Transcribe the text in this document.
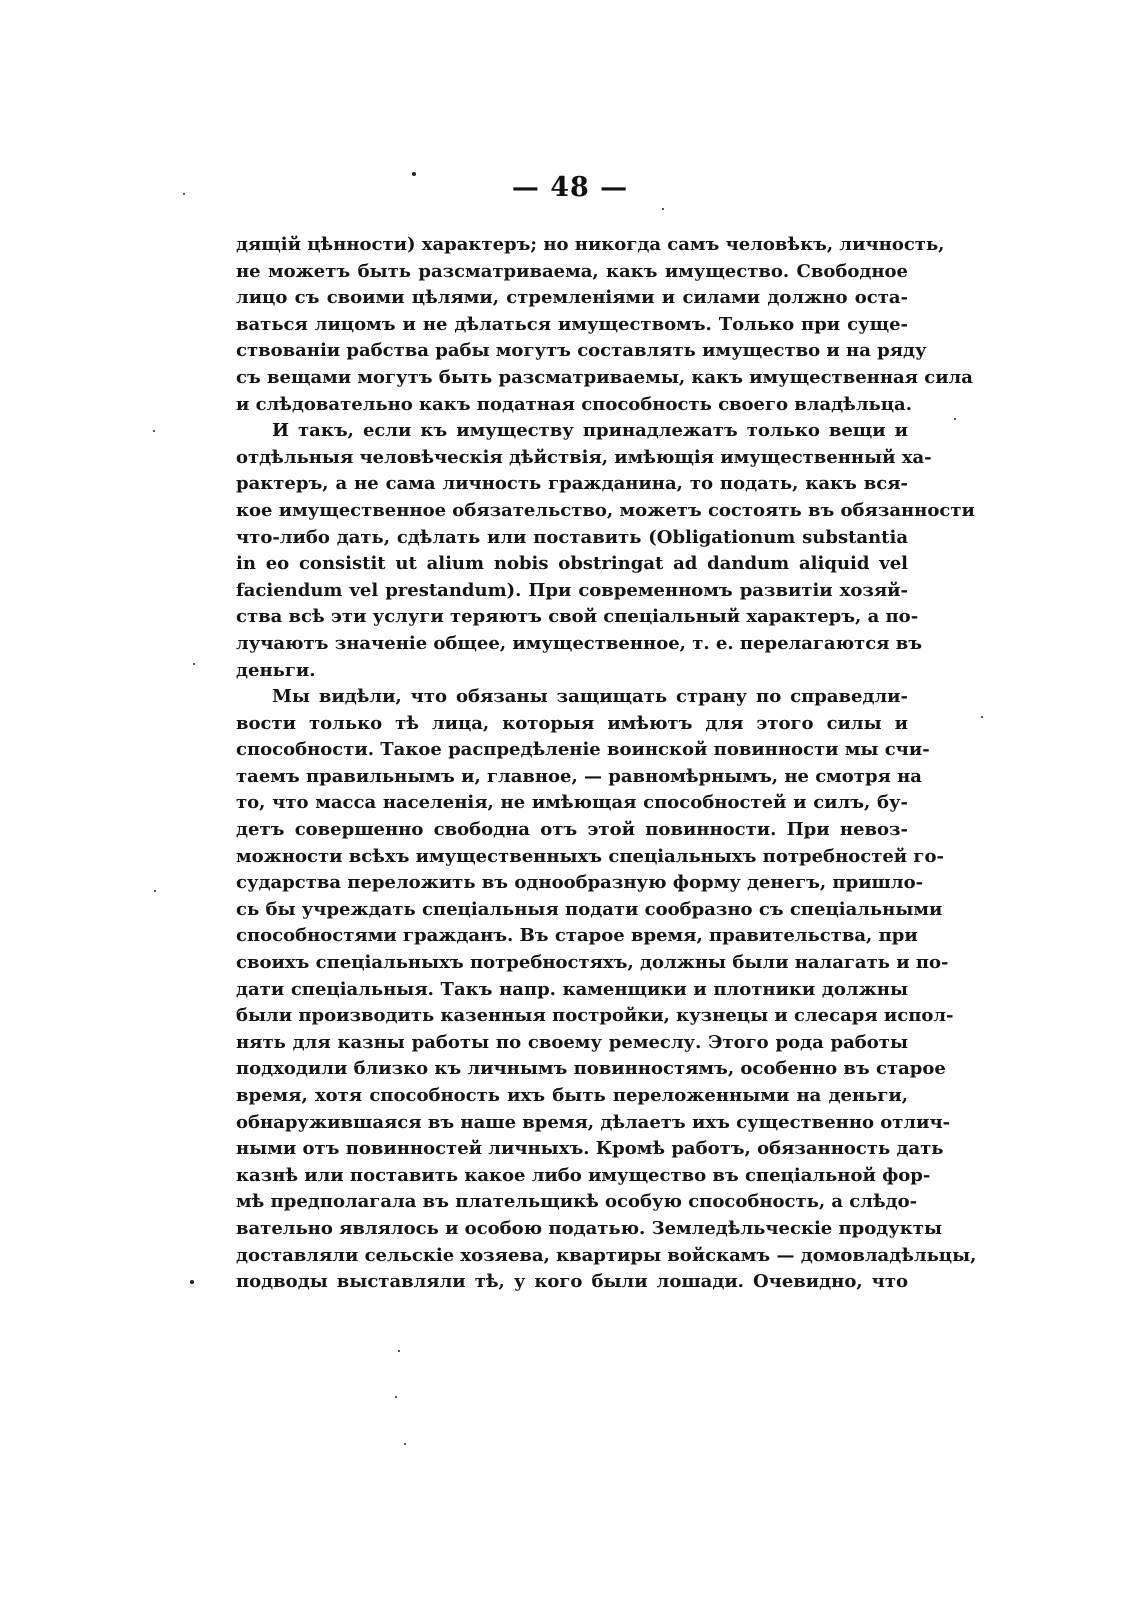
— 48 —
дящій цѣнности) характеръ; но никогда самъ человѣкъ, личность,
не можетъ быть разсматриваема, какъ имущество. Свободное
лицо съ своими цѣлями, стремленіями и силами должно оста-
ваться лицомъ и не дѣлаться имуществомъ. Только при суще-
ствованіи рабства рабы могутъ составлять имущество и на ряду
съ вещами могутъ быть разсматриваемы, какъ имущественная сила
и слѣдовательно какъ податная способность своего владѣльца.
И такъ, если къ имуществу принадлежатъ только вещи и
отдѣльныя человѣческія дѣйствія, имѣющія имущественный ха-
рактеръ, а не сама личность гражданина, то подать, какъ вся-
кое имущественное обязательство, можетъ состоять въ обязанности
что-либо дать, сдѣлать или поставить (Obligationum substantia
in eo consistit ut alium nobis obstringat ad dandum aliquid vel
faciendum vel prestandum). При современномъ развитіи хозяй-
ства всѣ эти услуги теряютъ свой спеціальный характеръ, а по-
лучаютъ значеніе общее, имущественное, т. е. перелагаются въ
деньги.
Мы видѣли, что обязаны защищать страну по справедли-
вости только тѣ лица, которыя имѣютъ для этого силы и
способности. Такое распредѣленіе воинской повинности мы счи-
таемъ правильнымъ и, главное, — равномѣрнымъ, не смотря на
то, что масса населенія, не имѣющая способностей и силъ, бу-
детъ совершенно свободна отъ этой повинности. При невоз-
можности всѣхъ имущественныхъ спеціальныхъ потребностей го-
сударства переложить въ однообразную форму денегъ, пришло-
сь бы учреждать спеціальныя подати сообразно съ спеціальными
способностями гражданъ. Въ старое время, правительства, при
своихъ спеціальныхъ потребностяхъ, должны были налагать и по-
дати спеціальныя. Такъ напр. каменщики и плотники должны
были производить казенныя постройки, кузнецы и слесаря испол-
нять для казны работы по своему ремеслу. Этого рода работы
подходили близко къ личнымъ повинностямъ, особенно въ старое
время, хотя способность ихъ быть переложенными на деньги,
обнаружившаяся въ наше время, дѣлаетъ ихъ существенно отлич-
ными отъ повинностей личныхъ. Кромѣ работъ, обязанность дать
казнѣ или поставить какое либо имущество въ спеціальной фор-
мѣ предполагала въ плательщикѣ особую способность, а слѣдо-
вательно являлось и особою податью. Земледѣльческіе продукты
доставляли сельскіе хозяева, квартиры войскамъ — домовладѣльцы,
подводы выставляли тѣ, у кого были лошади. Очевидно, что
